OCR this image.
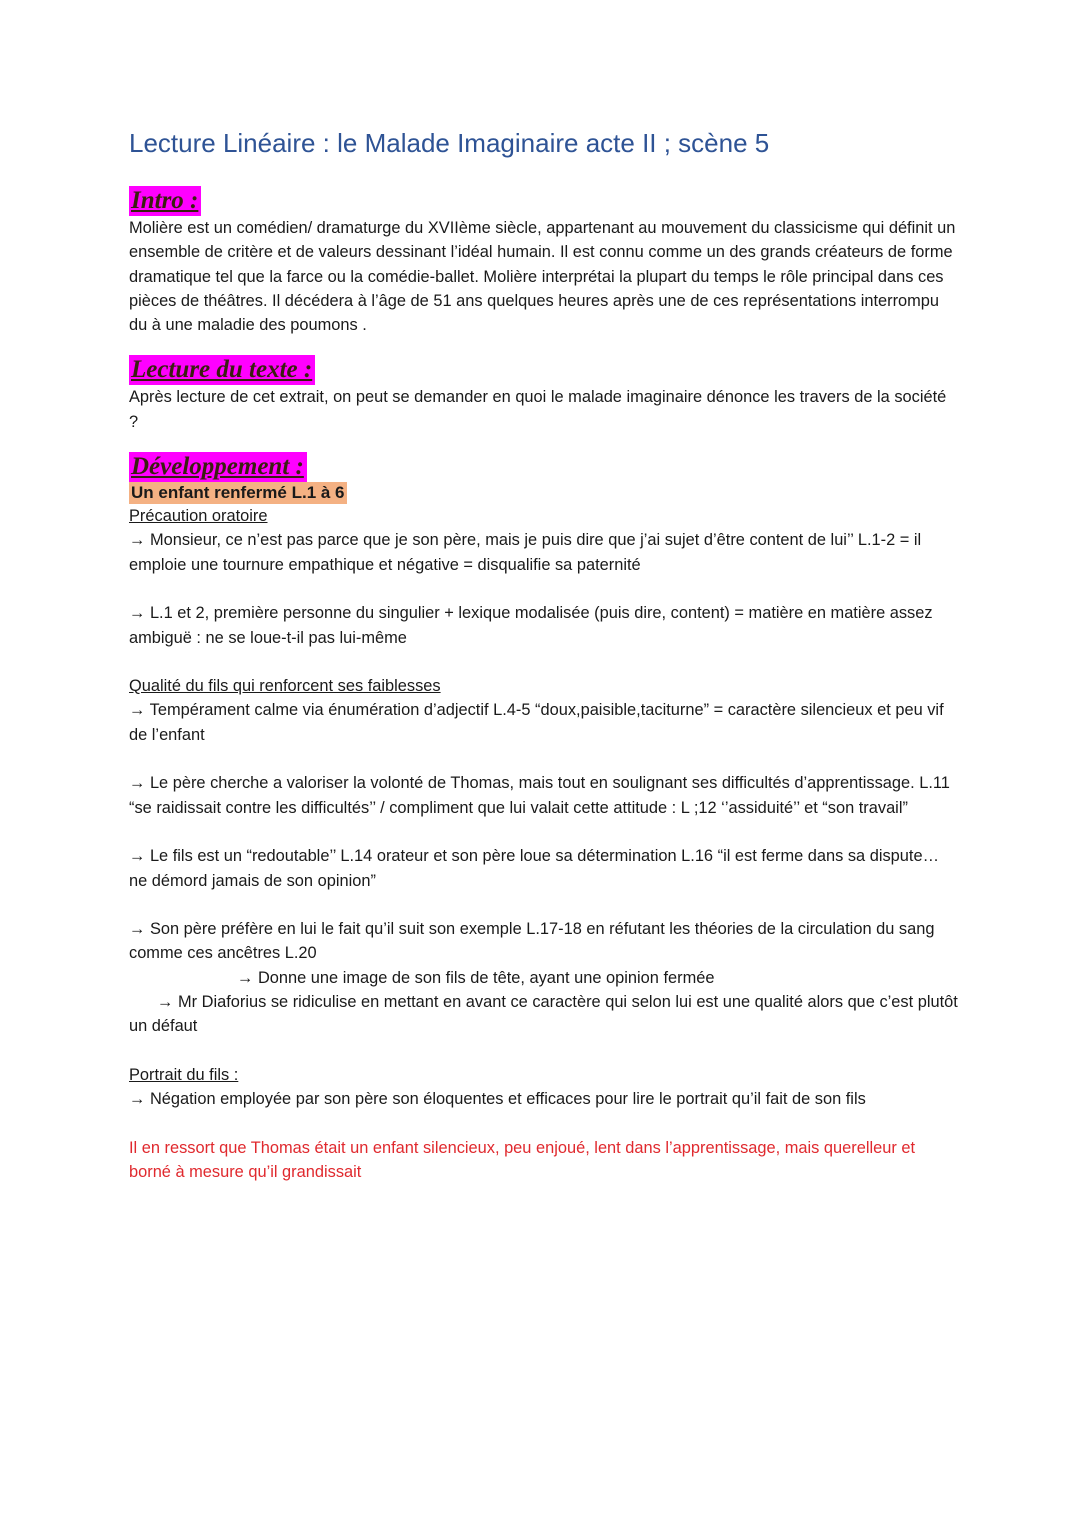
Lecture Linéaire : le Malade Imaginaire acte II ; scène 5
Intro :
Molière est un comédien/ dramaturge du XVIIème siècle, appartenant au mouvement du classicisme qui définit un ensemble de critère et de valeurs dessinant l’idéal humain. Il est connu comme un des grands créateurs de forme dramatique tel que la farce ou la comédie-ballet. Molière interprétai la plupart du temps le rôle principal dans ces pièces de théâtres. Il décédera à l’âge de 51 ans quelques heures après une de ces représentations interrompu du à une maladie des poumons .
Lecture du texte :
Après lecture de cet extrait, on peut se demander en quoi le malade imaginaire dénonce les travers de la société ?
Développement :
Un enfant renfermé L.1 à 6
Précaution oratoire
→ Monsieur, ce n’est pas parce que je son père, mais je puis dire que j’ai sujet d’être content de lui’’ L.1-2 = il emploie une tournure empathique et négative = disqualifie sa paternité
→ L.1 et 2, première personne du singulier + lexique modalisée (puis dire, content) = matière en matière assez ambiguë : ne se loue-t-il pas lui-même
Qualité du fils qui renforcent ses faiblesses
→ Tempérament calme via énumération d’adjectif L.4-5 “doux,paisible,taciturne” = caractère silencieux et peu vif de l’enfant
→ Le père cherche a valoriser la volonté de Thomas, mais tout en soulignant ses difficultés d’apprentissage. L.11 “se raidissait contre les difficultés’’ / compliment que lui valait cette attitude : L ;12 ‘’assiduité’’ et “son travail”
→ Le fils est un “redoutable’’ L.14 orateur et son père loue sa détermination L.16 “il est ferme dans sa dispute… ne démord jamais de son opinion”
→ Son père préfère en lui le fait qu’il suit son exemple L.17-18 en réfutant les théories de la circulation du sang comme ces ancêtres L.20
→ Donne une image de son fils de tête, ayant une opinion fermée
→ Mr Diaforius se ridiculise en mettant en avant ce caractère qui selon lui est une qualité alors que c’est plutôt un défaut
Portrait du fils :
→ Négation employée par son père son éloquentes et efficaces pour lire le portrait qu’il fait de son fils
Il en ressort que Thomas était un enfant silencieux, peu enjoué, lent dans l’apprentissage, mais querelleur et borné à mesure qu’il grandissait
